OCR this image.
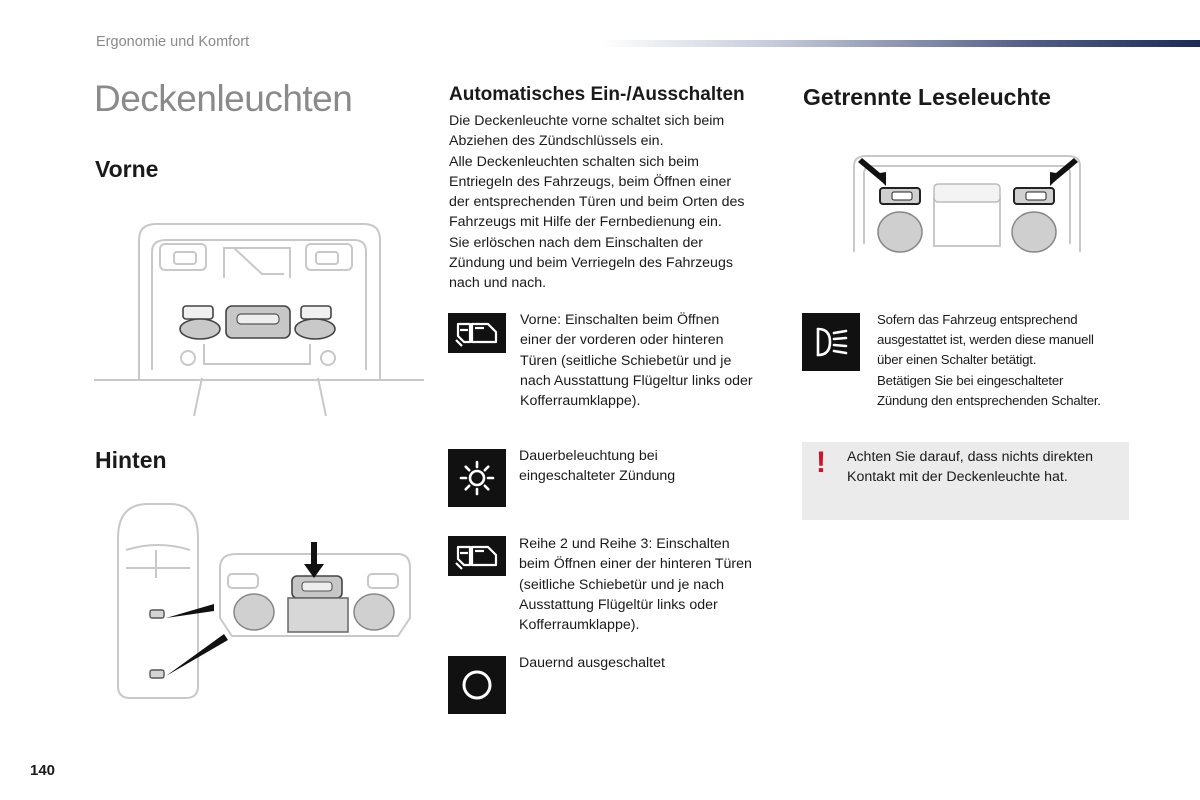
Ergonomie und Komfort
Deckenleuchten
Vorne
Hinten
Automatisches Ein-/Ausschalten

Die Deckenleuchte vorne schaltet sich beim

Abziehen des Zündschlüssels ein.

Alle Deckenleuchten schalten sich beim

Entriegeln des Fahrzeugs, beim Öffnen einer

der entsprechenden Türen und beim Orten des

Fahrzeugs mit Hilfe der Fernbedienung ein.

Sie erlöschen nach dem Einschalten der

Zündung und beim Verriegeln des Fahrzeugs

nach und nach.

Vorne: Einschalten beim Öffnen

einer der vorderen oder hinteren

Türen (seitliche Schiebetür und je

nach Ausstattung Flügeltur links oder

Kofferraumklappe).

Dauerbeleuchtung bei

eingeschalteter Zündung

Reihe 2 und Reihe 3: Einschalten

beim Öffnen einer der hinteren Türen

(seitliche Schiebetür und je nach

Ausstattung Flügeltür links oder

Kofferraumklappe).

Dauernd ausgeschaltet

Getrennte Leseleuchte

Sofern das Fahrzeug entsprechend

ausgestattet ist, werden diese manuell

über einen Schalter betätigt.

Betätigen Sie bei eingeschalteter

Zündung den entsprechenden Schalter.

! Achten Sie darauf, dass nichts direkten

Kontakt mit der Deckenleuchte hat.

140
